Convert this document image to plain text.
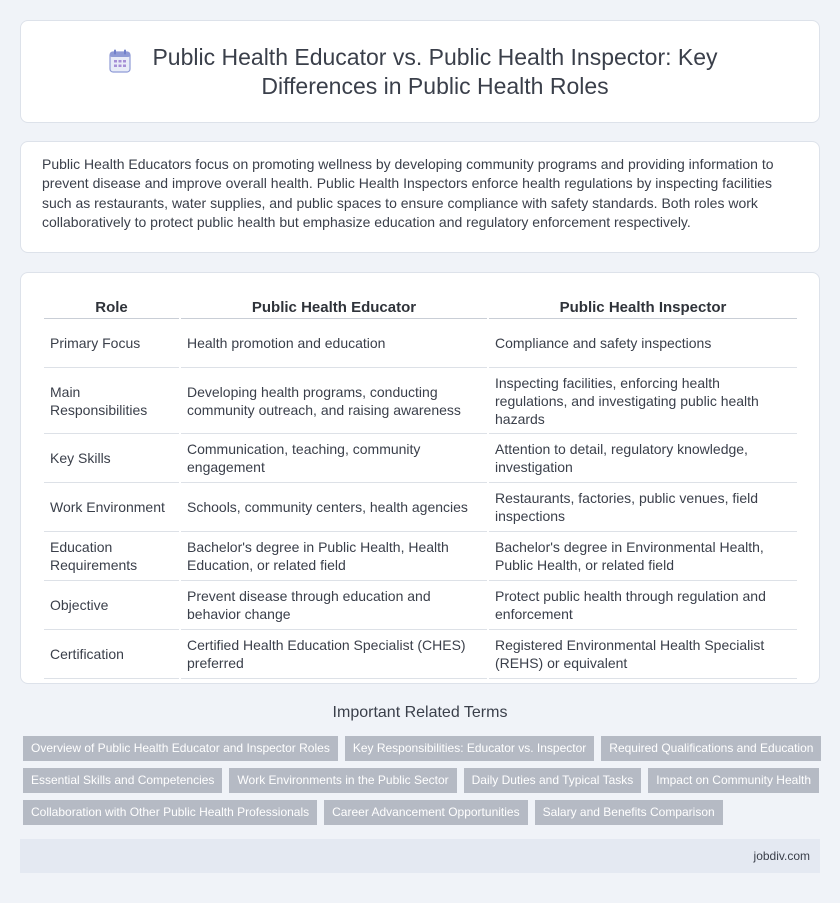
Public Health Educator vs. Public Health Inspector: Key Differences in Public Health Roles

Public Health Educators focus on promoting wellness by developing community programs and providing information to prevent disease and improve overall health. Public Health Inspectors enforce health regulations by inspecting facilities such as restaurants, water supplies, and public spaces to ensure compliance with safety standards. Both roles work collaboratively to protect public health but emphasize education and regulatory enforcement respectively.

Role	Public Health Educator	Public Health Inspector
Primary Focus	Health promotion and education	Compliance and safety inspections
Main Responsibilities	Developing health programs, conducting community outreach, and raising awareness	Inspecting facilities, enforcing health regulations, and investigating public health hazards
Key Skills	Communication, teaching, community engagement	Attention to detail, regulatory knowledge, investigation
Work Environment	Schools, community centers, health agencies	Restaurants, factories, public venues, field inspections
Education Requirements	Bachelor's degree in Public Health, Health Education, or related field	Bachelor's degree in Environmental Health, Public Health, or related field
Objective	Prevent disease through education and behavior change	Protect public health through regulation and enforcement
Certification	Certified Health Education Specialist (CHES) preferred	Registered Environmental Health Specialist (REHS) or equivalent
Important Related Terms
Overview of Public Health Educator and Inspector Roles	Key Responsibilities: Educator vs. Inspector	Required Qualifications and Education
Essential Skills and Competencies	Work Environments in the Public Sector	Daily Duties and Typical Tasks	Impact on Community Health
Collaboration with Other Public Health Professionals	Career Advancement Opportunities	Salary and Benefits Comparison
jobdiv.com
